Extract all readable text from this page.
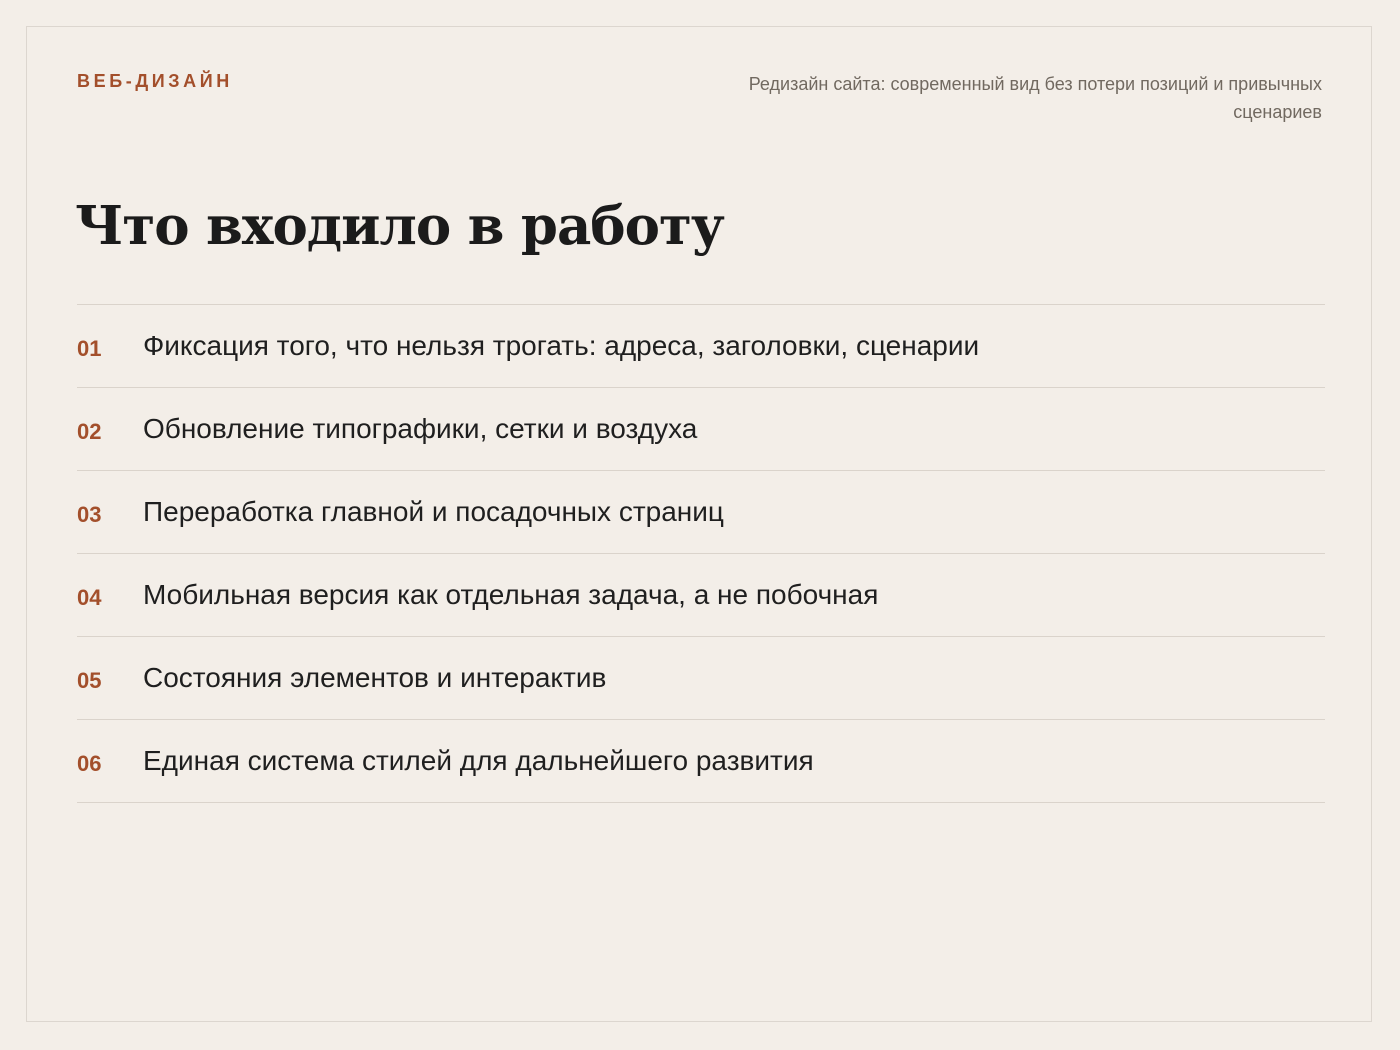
ВЕБ-ДИЗАЙН	Редизайн сайта: современный вид без потери позиций и привычных сценариев
Что входило в работу
01 Фиксация того, что нельзя трогать: адреса, заголовки, сценарии
02 Обновление типографики, сетки и воздуха
03 Переработка главной и посадочных страниц
04 Мобильная версия как отдельная задача, а не побочная
05 Состояния элементов и интерактив
06 Единая система стилей для дальнейшего развития
